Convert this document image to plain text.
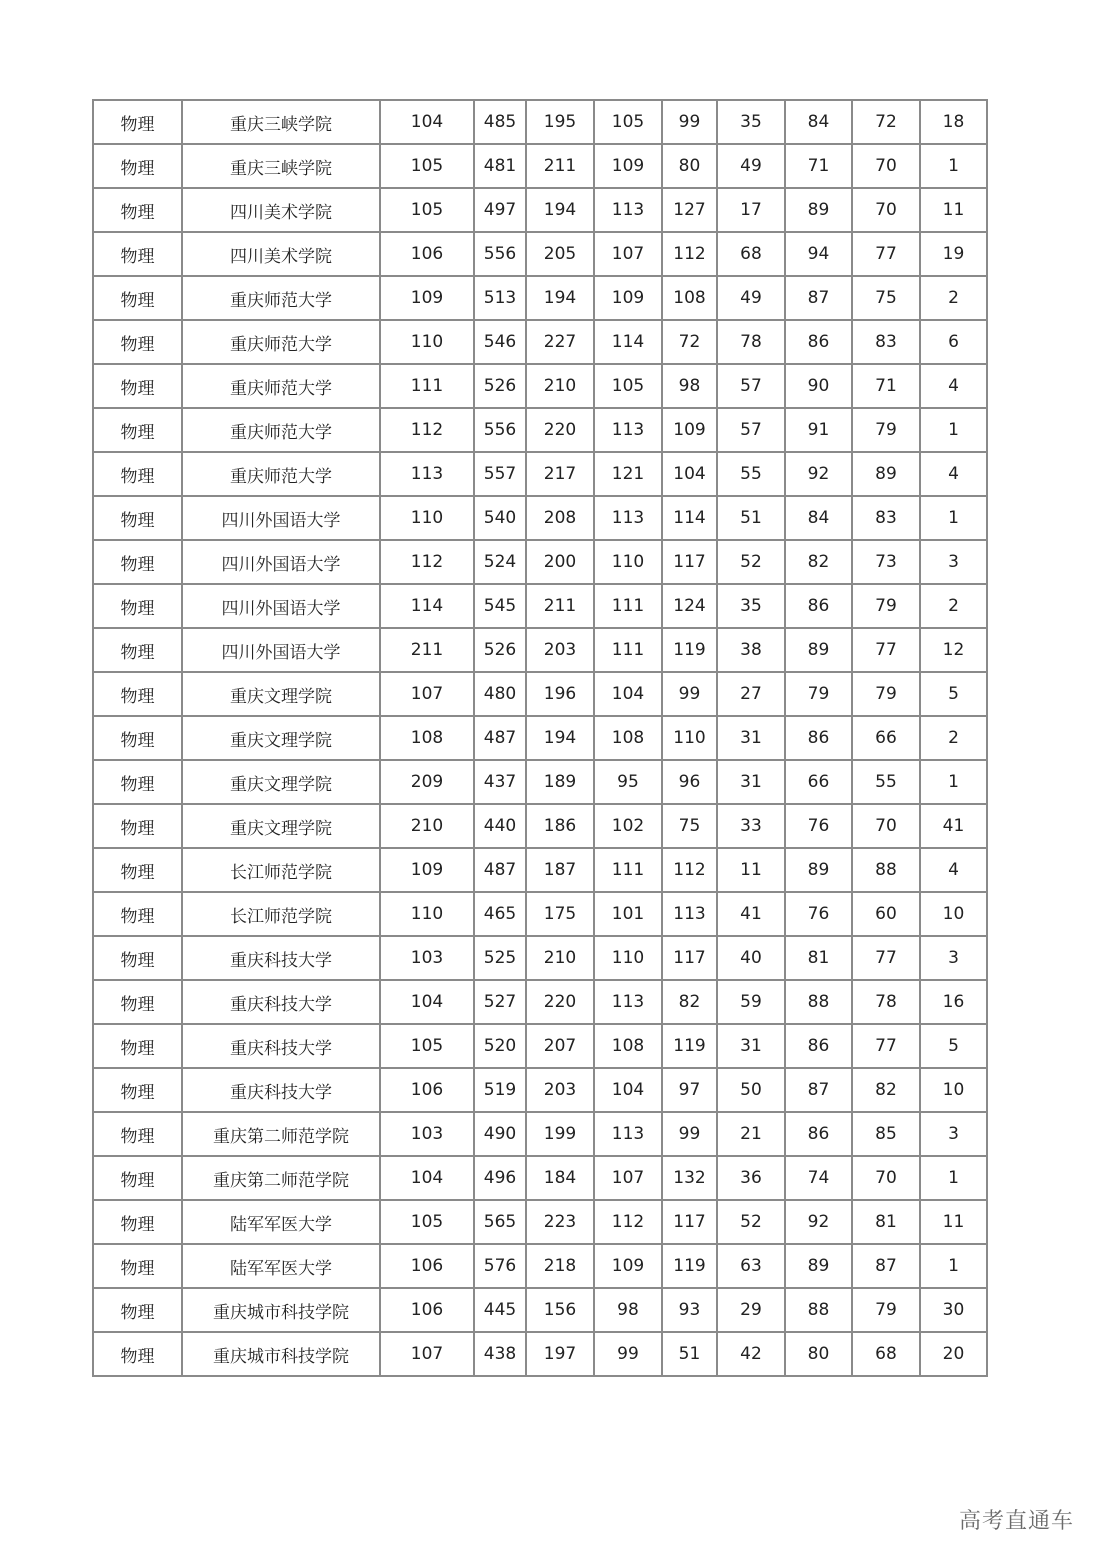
物理	重庆三峡学院	104	485	195	105	99	35	84	72	18
物理	重庆三峡学院	105	481	211	109	80	49	71	70	1
物理	四川美术学院	105	497	194	113	127	17	89	70	11
物理	四川美术学院	106	556	205	107	112	68	94	77	19
物理	重庆师范大学	109	513	194	109	108	49	87	75	2
物理	重庆师范大学	110	546	227	114	72	78	86	83	6
物理	重庆师范大学	111	526	210	105	98	57	90	71	4
物理	重庆师范大学	112	556	220	113	109	57	91	79	1
物理	重庆师范大学	113	557	217	121	104	55	92	89	4
物理	四川外国语大学	110	540	208	113	114	51	84	83	1
物理	四川外国语大学	112	524	200	110	117	52	82	73	3
物理	四川外国语大学	114	545	211	111	124	35	86	79	2
物理	四川外国语大学	211	526	203	111	119	38	89	77	12
物理	重庆文理学院	107	480	196	104	99	27	79	79	5
物理	重庆文理学院	108	487	194	108	110	31	86	66	2
物理	重庆文理学院	209	437	189	95	96	31	66	55	1
物理	重庆文理学院	210	440	186	102	75	33	76	70	41
物理	长江师范学院	109	487	187	111	112	11	89	88	4
物理	长江师范学院	110	465	175	101	113	41	76	60	10
物理	重庆科技大学	103	525	210	110	117	40	81	77	3
物理	重庆科技大学	104	527	220	113	82	59	88	78	16
物理	重庆科技大学	105	520	207	108	119	31	86	77	5
物理	重庆科技大学	106	519	203	104	97	50	87	82	10
物理	重庆第二师范学院	103	490	199	113	99	21	86	85	3
物理	重庆第二师范学院	104	496	184	107	132	36	74	70	1
物理	陆军军医大学	105	565	223	112	117	52	92	81	11
物理	陆军军医大学	106	576	218	109	119	63	89	87	1
物理	重庆城市科技学院	106	445	156	98	93	29	88	79	30
物理	重庆城市科技学院	107	438	197	99	51	42	80	68	20
高考直通车
